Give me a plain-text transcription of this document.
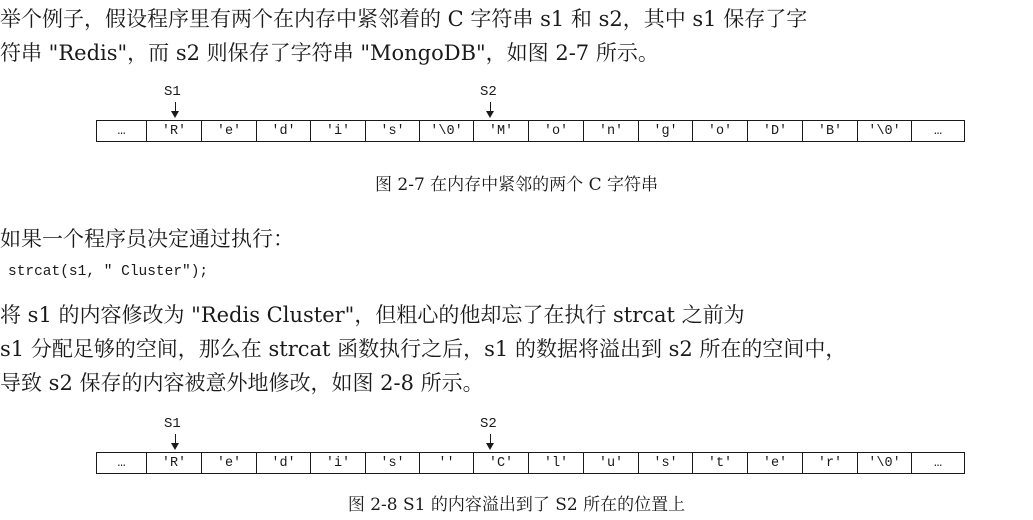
举个例子，假设程序里有两个在内存中紧邻着的 C 字符串 s1 和 s2，其中 s1 保存了字
符串 "Redis"，而 s2 则保存了字符串 "MongoDB"，如图 2-7 所示。
S1	S2
…	'R'	'e'	'd'	'i'	's'	'\0'	'M'	'o'	'n'	'g'	'o'	'D'	'B'	'\0'	…
图 2-7 在内存中紧邻的两个 C 字符串
如果一个程序员决定通过执行：
strcat(s1, " Cluster");
将 s1 的内容修改为 "Redis Cluster"，但粗心的他却忘了在执行 strcat 之前为
s1 分配足够的空间，那么在 strcat 函数执行之后，s1 的数据将溢出到 s2 所在的空间中，
导致 s2 保存的内容被意外地修改，如图 2-8 所示。
S1	S2
…	'R'	'e'	'd'	'i'	's'	''	'C'	'l'	'u'	's'	't'	'e'	'r'	'\0'	…
图 2-8 S1 的内容溢出到了 S2 所在的位置上
